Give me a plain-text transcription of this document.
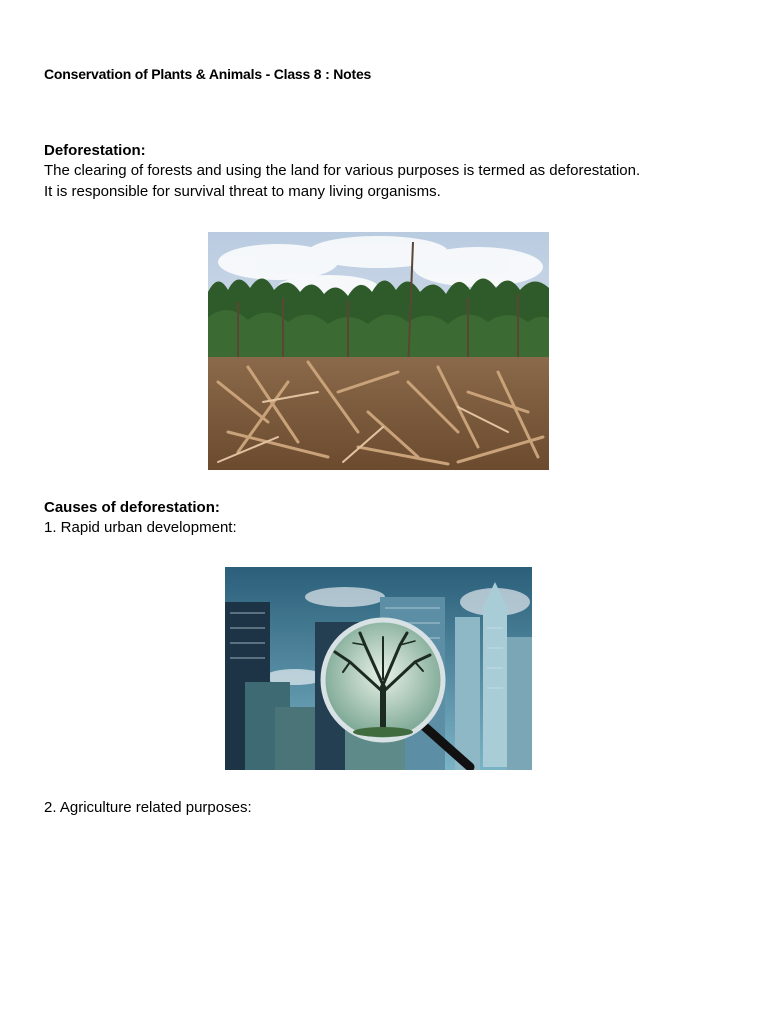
Conservation of Plants & Animals - Class 8 : Notes
Deforestation:
The clearing of forests and using the land for various purposes is termed as deforestation.
It is responsible for survival threat to many living organisms.
Causes of deforestation:
1. Rapid urban development:
2. Agriculture related purposes:
